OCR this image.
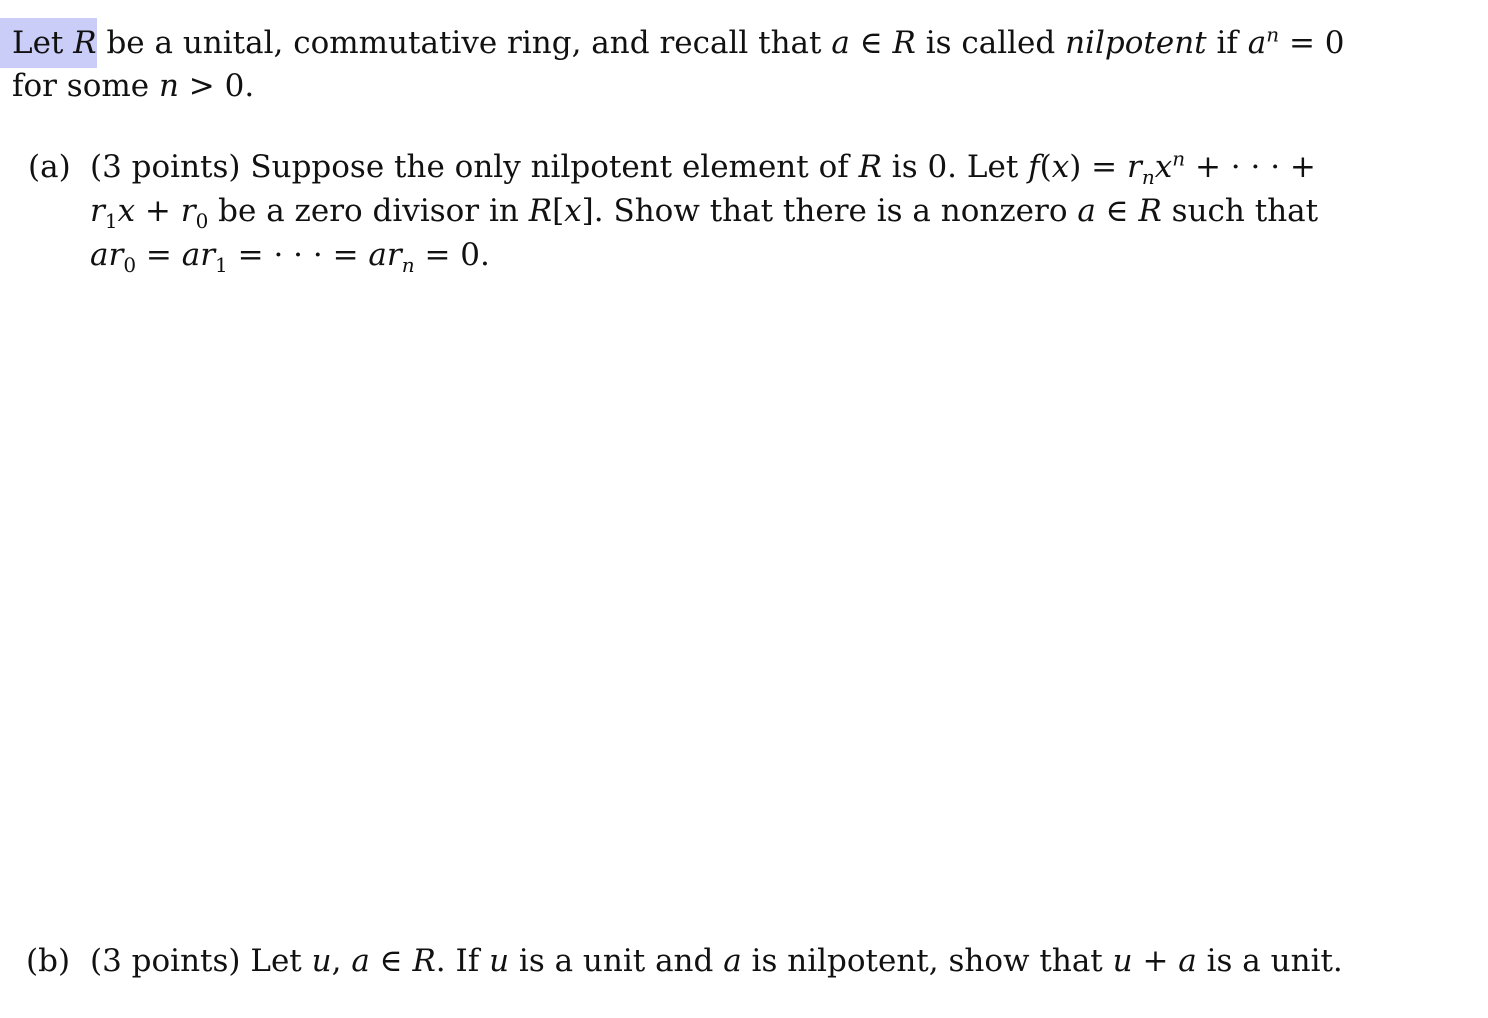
Let R be a unital, commutative ring, and recall that a ∈ R is called nilpotent if $a^n = 0$
for some n > 0.
(a) (3 points) Suppose the only nilpotent element of R is 0. Let $f(x) = r_nx^n$ + · · · +
$r_1x + r_0$ be a zero divisor in R[x]. Show that there is a nonzero a ∈ R such that
$ar_0 = ar_1$ = · · · = $ar_n = 0$.
(b) (3 points) Let u, a ∈ R. If u is a unit and a is nilpotent, show that u + a is a unit.
